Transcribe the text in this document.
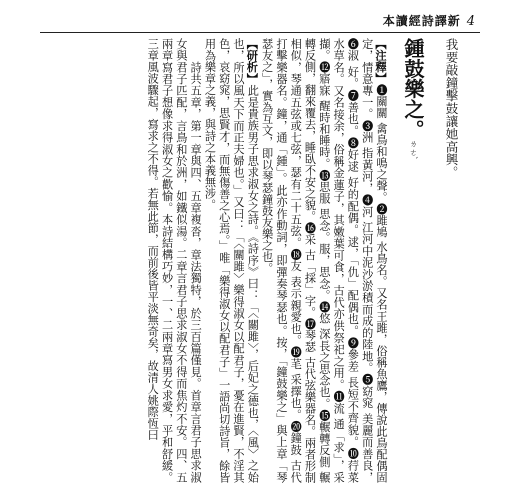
本讀經詩譯新 4
我要敲鐘擊鼓讓她高興。
鍾鼓樂之。ㄌㄜˋ

【注釋】❶關關 禽鳥和鳴之聲。❷雎鳩 水鳥名。又名王雎，俗稱魚鷹，傳說此鳥配偶固定，情意專一。❸洲 指黃河，❹河 江河中泥沙淤積而成的陸地。❺窈窕 美麗而善良，❻淑 好。❼善也。❽好逑 好的配偶。逑，「仇」配偶也。❾參差 長短不齊貌。❿荇菜 水草名。又名接余，俗稱金蓮子，其嫩葉可食，古代亦供祭祀之用。⓫流 通「求」，采擷。⓬寤寐 醒時和睡時。⓭思服 思念。服，思念。⓮悠 深長之思念也。⓯輾轉反側 輾轉反側，翻來覆去，睡臥不安之貌。⓰采 古「採」字。⓱琴瑟 古代弦樂器名。兩者形制相似，琴通五弦或七弦，瑟有二十五弦。⓲友 表示親愛也。⓳芼 采擇也。⓴鐘鼓 古代打擊樂器名。鐘，通「鍾」。此亦作動詞，即彈奏琴瑟也。按，「鐘鼓樂之」與上章「琴瑟友之」，實為互文，即以琴瑟鐘鼓友樂之也。

【研析】此是貴族男子思求淑女之詩。《詩序》曰：「〈關雎〉，后妃之德也，〈風〉之始也，所以風天下而正夫婦也。」又曰：「〈關雎〉樂得淑女以配君子，憂在進賢，不淫其色，哀窈窕，思賢才，而無傷善之心焉。」唯「樂得淑女以配君子」一語尚切詩旨，餘皆用為樂章之義，與詩之本義無涉。

　　詩共五章，第一章與四、五章複沓，章法獨特，於三百篇僅見。首章言君子思求淑女與君子匹配，言鳥和於洲，如鐵似湯。二章言君子思求淑女不得而焦灼不安。四、五兩章寫君子想像求得淑女之歡愉。本詩結構巧妙，一、二兩章寫男女求愛，平和舒緩。三章風波驟起，寫求之不得。若無此節，而前後皆平淡無奇矣，故清人姚際恆曰
